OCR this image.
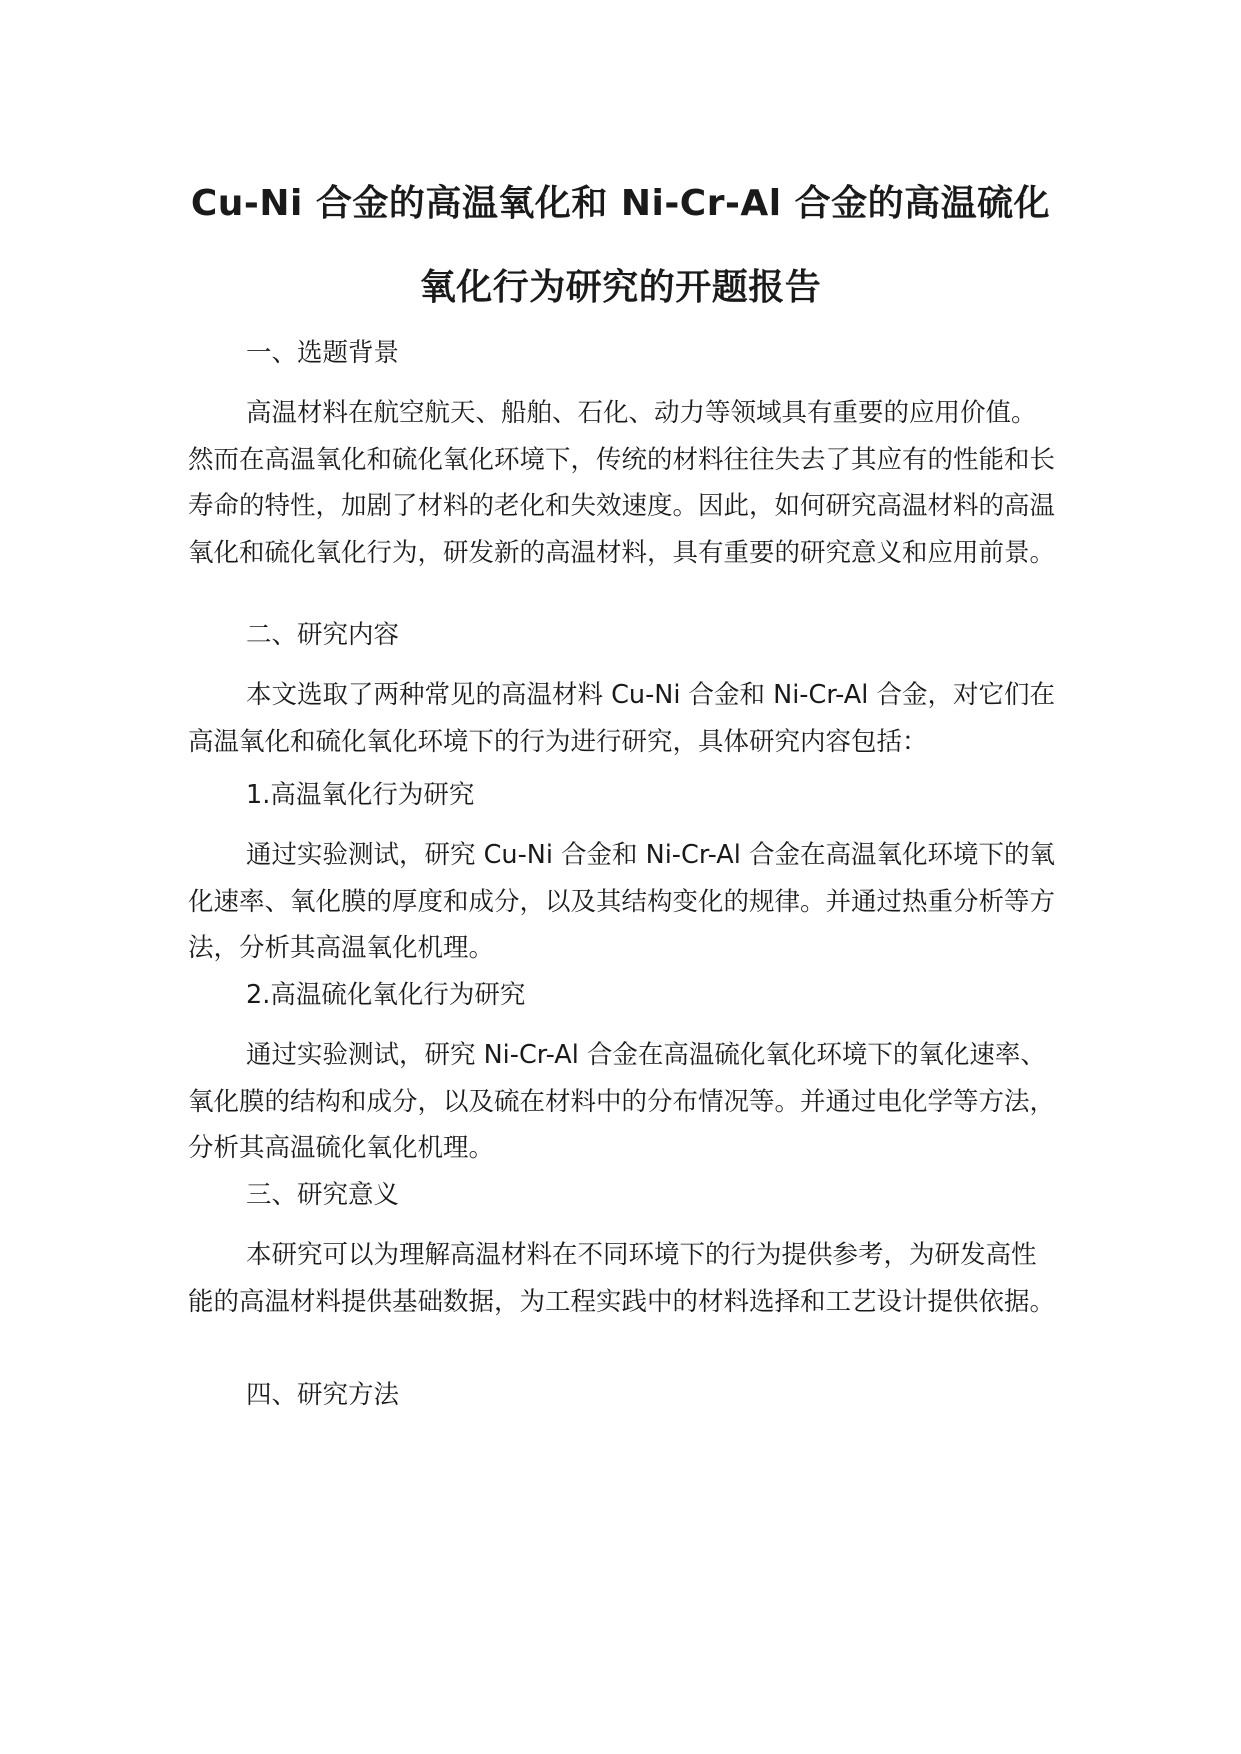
Cu-Ni 合金的高温氧化和 Ni-Cr-Al 合金的高温硫化
氧化行为研究的开题报告

一、选题背景

高温材料在航空航天、船舶、石化、动力等领域具有重要的应用价值。然而在高温氧化和硫化氧化环境下，传统的材料往往失去了其应有的性能和长寿命的特性，加剧了材料的老化和失效速度。因此，如何研究高温材料的高温氧化和硫化氧化行为，研发新的高温材料，具有重要的研究意义和应用前景。

二、研究内容

本文选取了两种常见的高温材料 Cu-Ni 合金和 Ni-Cr-Al 合金，对它们在高温氧化和硫化氧化环境下的行为进行研究，具体研究内容包括：

1.高温氧化行为研究

通过实验测试，研究 Cu-Ni 合金和 Ni-Cr-Al 合金在高温氧化环境下的氧化速率、氧化膜的厚度和成分，以及其结构变化的规律。并通过热重分析等方法，分析其高温氧化机理。

2.高温硫化氧化行为研究

通过实验测试，研究 Ni-Cr-Al 合金在高温硫化氧化环境下的氧化速率、氧化膜的结构和成分，以及硫在材料中的分布情况等。并通过电化学等方法，分析其高温硫化氧化机理。

三、研究意义

本研究可以为理解高温材料在不同环境下的行为提供参考，为研发高性能的高温材料提供基础数据，为工程实践中的材料选择和工艺设计提供依据。

四、研究方法
